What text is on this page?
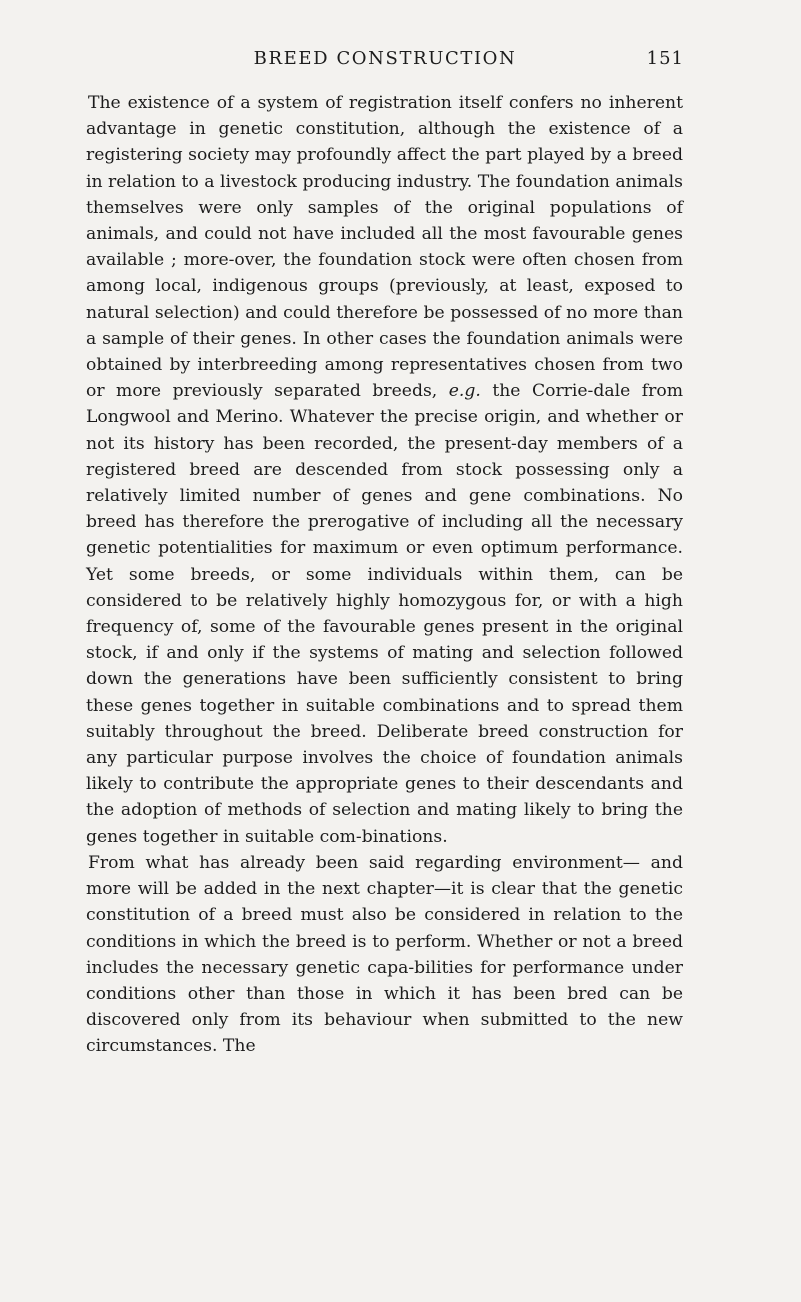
BREED CONSTRUCTION	151

The existence of a system of registration itself confers no inherent advantage in genetic constitution, although the existence of a registering society may profoundly affect the part played by a breed in relation to a livestock producing industry. The foundation animals themselves were only samples of the original populations of animals, and could not have included all the most favourable genes available ; more-over, the foundation stock were often chosen from among local, indigenous groups (previously, at least, exposed to natural selection) and could therefore be possessed of no more than a sample of their genes. In other cases the foundation animals were obtained by interbreeding among representatives chosen from two or more previously separated breeds, e.g. the Corrie-dale from Longwool and Merino. Whatever the precise origin, and whether or not its history has been recorded, the present-day members of a registered breed are descended from stock possessing only a relatively limited number of genes and gene combinations. No breed has therefore the prerogative of including all the necessary genetic potentialities for maximum or even optimum performance. Yet some breeds, or some individuals within them, can be considered to be relatively highly homozygous for, or with a high frequency of, some of the favourable genes present in the original stock, if and only if the systems of mating and selection followed down the generations have been sufficiently consistent to bring these genes together in suitable combinations and to spread them suitably throughout the breed. Deliberate breed construction for any particular purpose involves the choice of foundation animals likely to contribute the appropriate genes to their descendants and the adoption of methods of selection and mating likely to bring the genes together in suitable com-binations.

From what has already been said regarding environment— and more will be added in the next chapter—it is clear that the genetic constitution of a breed must also be considered in relation to the conditions in which the breed is to perform. Whether or not a breed includes the necessary genetic capa-bilities for performance under conditions other than those in which it has been bred can be discovered only from its behaviour when submitted to the new circumstances. The
